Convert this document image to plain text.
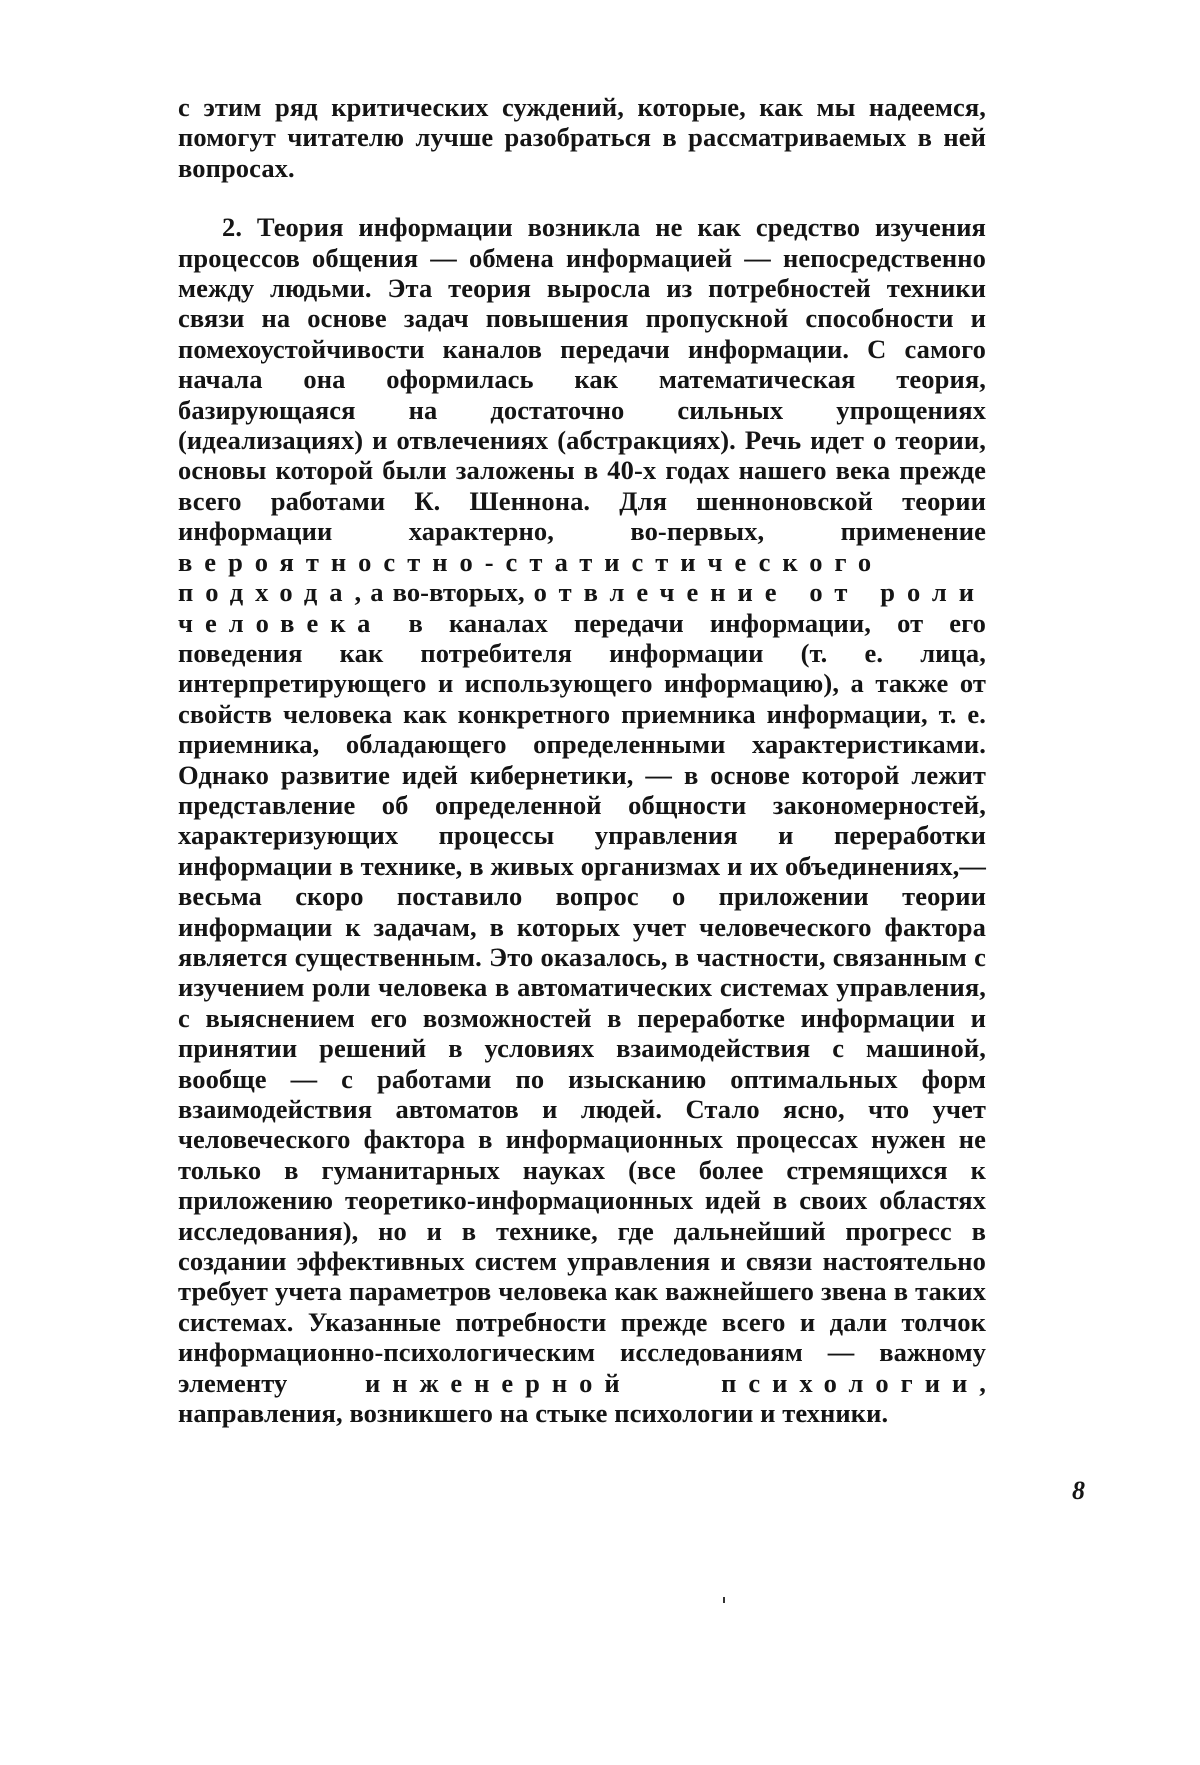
с этим ряд критических суждений, которые, как мы надеемся, помогут читателю лучше разобраться в рассматриваемых в ней вопросах.

2. Теория информации возникла не как средство изучения процессов общения — обмена информацией — непосредственно между людьми. Эта теория выросла из потребностей техники связи на основе задач повышения пропускной способности и помехоустойчивости каналов передачи информации. С самого начала она оформилась как математическая теория, базирующаяся на достаточно сильных упрощениях (идеализациях) и отвлечениях (абстракциях). Речь идет о теории, основы которой были заложены в 40-х годах нашего века прежде всего работами К. Шеннона. Для шенноновской теории информации характерно, во-первых, применение вероятностно-статистического подхода, а во-вторых, отвлечение от роли человека в каналах передачи информации, от его поведения как потребителя информации (т. е. лица, интерпретирующего и использующего информацию), а также от свойств человека как конкретного приемника информации, т. е. приемника, обладающего определенными характеристиками. Однако развитие идей кибернетики, — в основе которой лежит представление об определенной общности закономерностей, характеризующих процессы управления и переработки информации в технике, в живых организмах и их объединениях,— весьма скоро поставило вопрос о приложении теории информации к задачам, в которых учет человеческого фактора является существенным. Это оказалось, в частности, связанным с изучением роли человека в автоматических системах управления, с выяснением его возможностей в переработке информации и принятии решений в условиях взаимодействия с машиной, вообще — с работами по изысканию оптимальных форм взаимодействия автоматов и людей. Стало ясно, что учет человеческого фактора в информационных процессах нужен не только в гуманитарных науках (все более стремящихся к приложению теоретико-информационных идей в своих областях исследования), но и в технике, где дальнейший прогресс в создании эффективных систем управления и связи настоятельно требует учета параметров человека как важнейшего звена в таких системах. Указанные потребности прежде всего и дали толчок информационно-психологическим исследованиям — важному элементу инженерной психологии, направления, возникшего на стыке психологии и техники.

8
